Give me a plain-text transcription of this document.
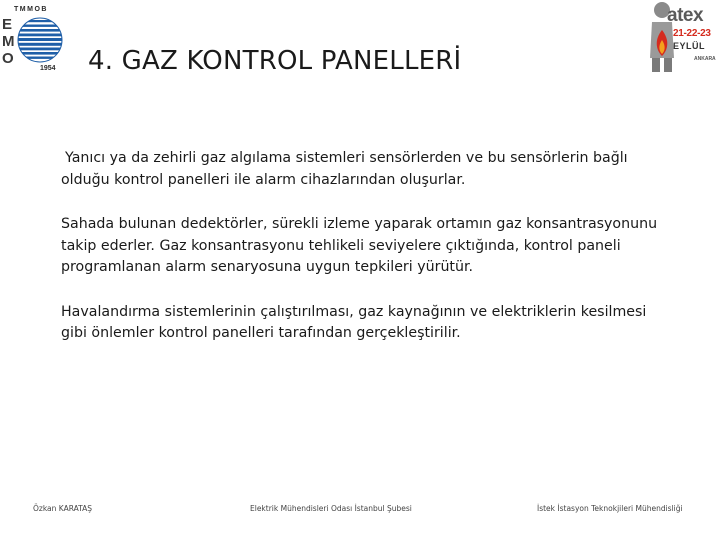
TMMOB
E
M
O
1954 4. GAZ KONTROL PANELLERİ
atex
21-22-23
EYLÜL
ANKARA

Yanıcı ya da zehirli gaz algılama sistemleri sensörlerden ve bu sensörlerin bağlı olduğu kontrol panelleri ile alarm cihazlarından oluşurlar.

Sahada bulunan dedektörler, sürekli izleme yaparak ortamın gaz konsantrasyonunu takip ederler. Gaz konsantrasyonu tehlikeli seviyelere çıktığında, kontrol paneli programlanan alarm senaryosuna uygun tepkileri yürütür.

Havalandırma sistemlerinin çalıştırılması, gaz kaynağının ve elektriklerin kesilmesi gibi önlemler kontrol panelleri tarafından gerçekleştirilir.

Özkan KARATAŞ	Elektrik Mühendisleri Odası İstanbul Şubesi	İstek İstasyon Teknokjileri Mühendisliği
